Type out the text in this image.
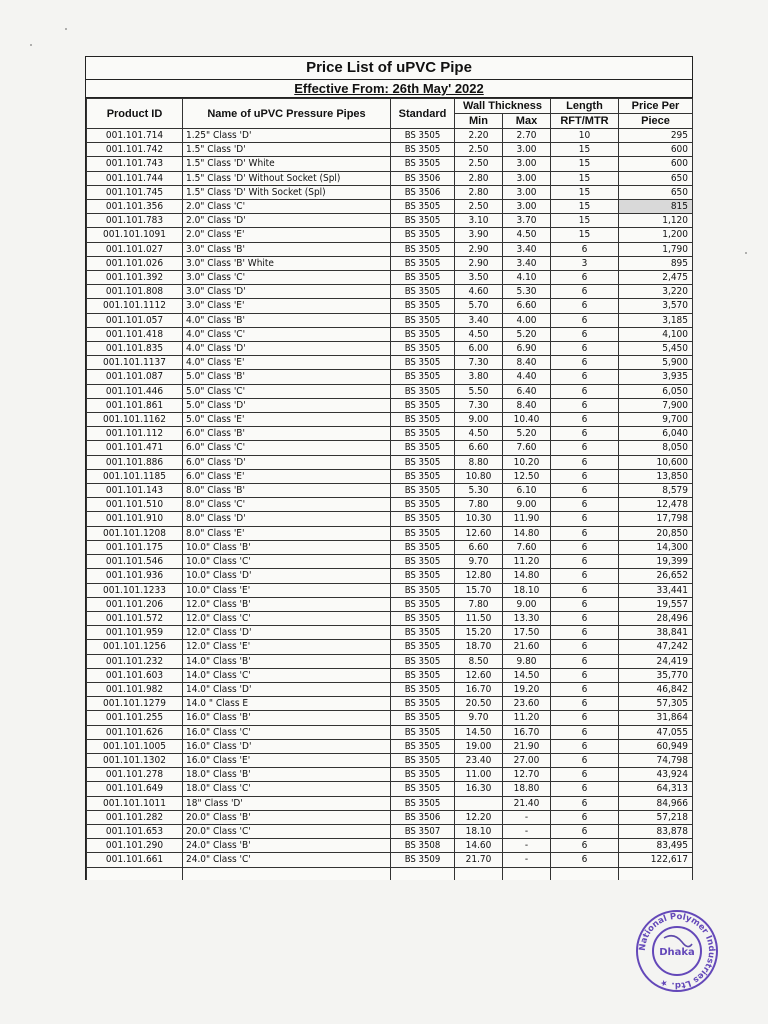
Price List of uPVC Pipe
Effective From: 26th May' 2022
Product ID	Name of uPVC Pressure Pipes	Standard	Wall Thickness		Length	Price Per
			Min	Max	RFT/MTR	Piece
001.101.714	1.25" Class 'D'	BS 3505	2.20	2.70	10	295
001.101.742	1.5" Class 'D'	BS 3505	2.50	3.00	15	600
001.101.743	1.5" Class 'D' White	BS 3505	2.50	3.00	15	600
001.101.744	1.5" Class 'D' Without Socket (Spl)	BS 3506	2.80	3.00	15	650
001.101.745	1.5" Class 'D' With Socket (Spl)	BS 3506	2.80	3.00	15	650
001.101.356	2.0" Class 'C'	BS 3505	2.50	3.00	15	815
001.101.783	2.0" Class 'D'	BS 3505	3.10	3.70	15	1,120
001.101.1091	2.0" Class 'E'	BS 3505	3.90	4.50	15	1,200
001.101.027	3.0" Class 'B'	BS 3505	2.90	3.40	6	1,790
001.101.026	3.0" Class 'B' White	BS 3505	2.90	3.40	3	895
001.101.392	3.0" Class 'C'	BS 3505	3.50	4.10	6	2,475
001.101.808	3.0" Class 'D'	BS 3505	4.60	5.30	6	3,220
001.101.1112	3.0" Class 'E'	BS 3505	5.70	6.60	6	3,570
001.101.057	4.0" Class 'B'	BS 3505	3.40	4.00	6	3,185
001.101.418	4.0" Class 'C'	BS 3505	4.50	5.20	6	4,100
001.101.835	4.0" Class 'D'	BS 3505	6.00	6.90	6	5,450
001.101.1137	4.0" Class 'E'	BS 3505	7.30	8.40	6	5,900
001.101.087	5.0" Class 'B'	BS 3505	3.80	4.40	6	3,935
001.101.446	5.0" Class 'C'	BS 3505	5.50	6.40	6	6,050
001.101.861	5.0" Class 'D'	BS 3505	7.30	8.40	6	7,900
001.101.1162	5.0" Class 'E'	BS 3505	9.00	10.40	6	9,700
001.101.112	6.0" Class 'B'	BS 3505	4.50	5.20	6	6,040
001.101.471	6.0" Class 'C'	BS 3505	6.60	7.60	6	8,050
001.101.886	6.0" Class 'D'	BS 3505	8.80	10.20	6	10,600
001.101.1185	6.0" Class 'E'	BS 3505	10.80	12.50	6	13,850
001.101.143	8.0" Class 'B'	BS 3505	5.30	6.10	6	8,579
001.101.510	8.0" Class 'C'	BS 3505	7.80	9.00	6	12,478
001.101.910	8.0" Class 'D'	BS 3505	10.30	11.90	6	17,798
001.101.1208	8.0" Class 'E'	BS 3505	12.60	14.80	6	20,850
001.101.175	10.0" Class 'B'	BS 3505	6.60	7.60	6	14,300
001.101.546	10.0" Class 'C'	BS 3505	9.70	11.20	6	19,399
001.101.936	10.0" Class 'D'	BS 3505	12.80	14.80	6	26,652
001.101.1233	10.0" Class 'E'	BS 3505	15.70	18.10	6	33,441
001.101.206	12.0" Class 'B'	BS 3505	7.80	9.00	6	19,557
001.101.572	12.0" Class 'C'	BS 3505	11.50	13.30	6	28,496
001.101.959	12.0" Class 'D'	BS 3505	15.20	17.50	6	38,841
001.101.1256	12.0" Class 'E'	BS 3505	18.70	21.60	6	47,242
001.101.232	14.0" Class 'B'	BS 3505	8.50	9.80	6	24,419
001.101.603	14.0" Class 'C'	BS 3505	12.60	14.50	6	35,770
001.101.982	14.0" Class 'D'	BS 3505	16.70	19.20	6	46,842
001.101.1279	14.0 " Class E	BS 3505	20.50	23.60	6	57,305
001.101.255	16.0" Class 'B'	BS 3505	9.70	11.20	6	31,864
001.101.626	16.0" Class 'C'	BS 3505	14.50	16.70	6	47,055
001.101.1005	16.0" Class 'D'	BS 3505	19.00	21.90	6	60,949
001.101.1302	16.0" Class 'E'	BS 3505	23.40	27.00	6	74,798
001.101.278	18.0" Class 'B'	BS 3505	11.00	12.70	6	43,924
001.101.649	18.0" Class 'C'	BS 3505	16.30	18.80	6	64,313
001.101.1011	18" Class 'D'	BS 3505		21.40	6	84,966
001.101.282	20.0" Class 'B'	BS 3506	12.20	-	6	57,218
001.101.653	20.0" Class 'C'	BS 3507	18.10	-	6	83,878
001.101.290	24.0" Class 'B'	BS 3508	14.60	-	6	83,495
001.101.661	24.0" Class 'C'	BS 3509	21.70	-	6	122,617

National Polymer Industries Ltd. ★
Dhaka
